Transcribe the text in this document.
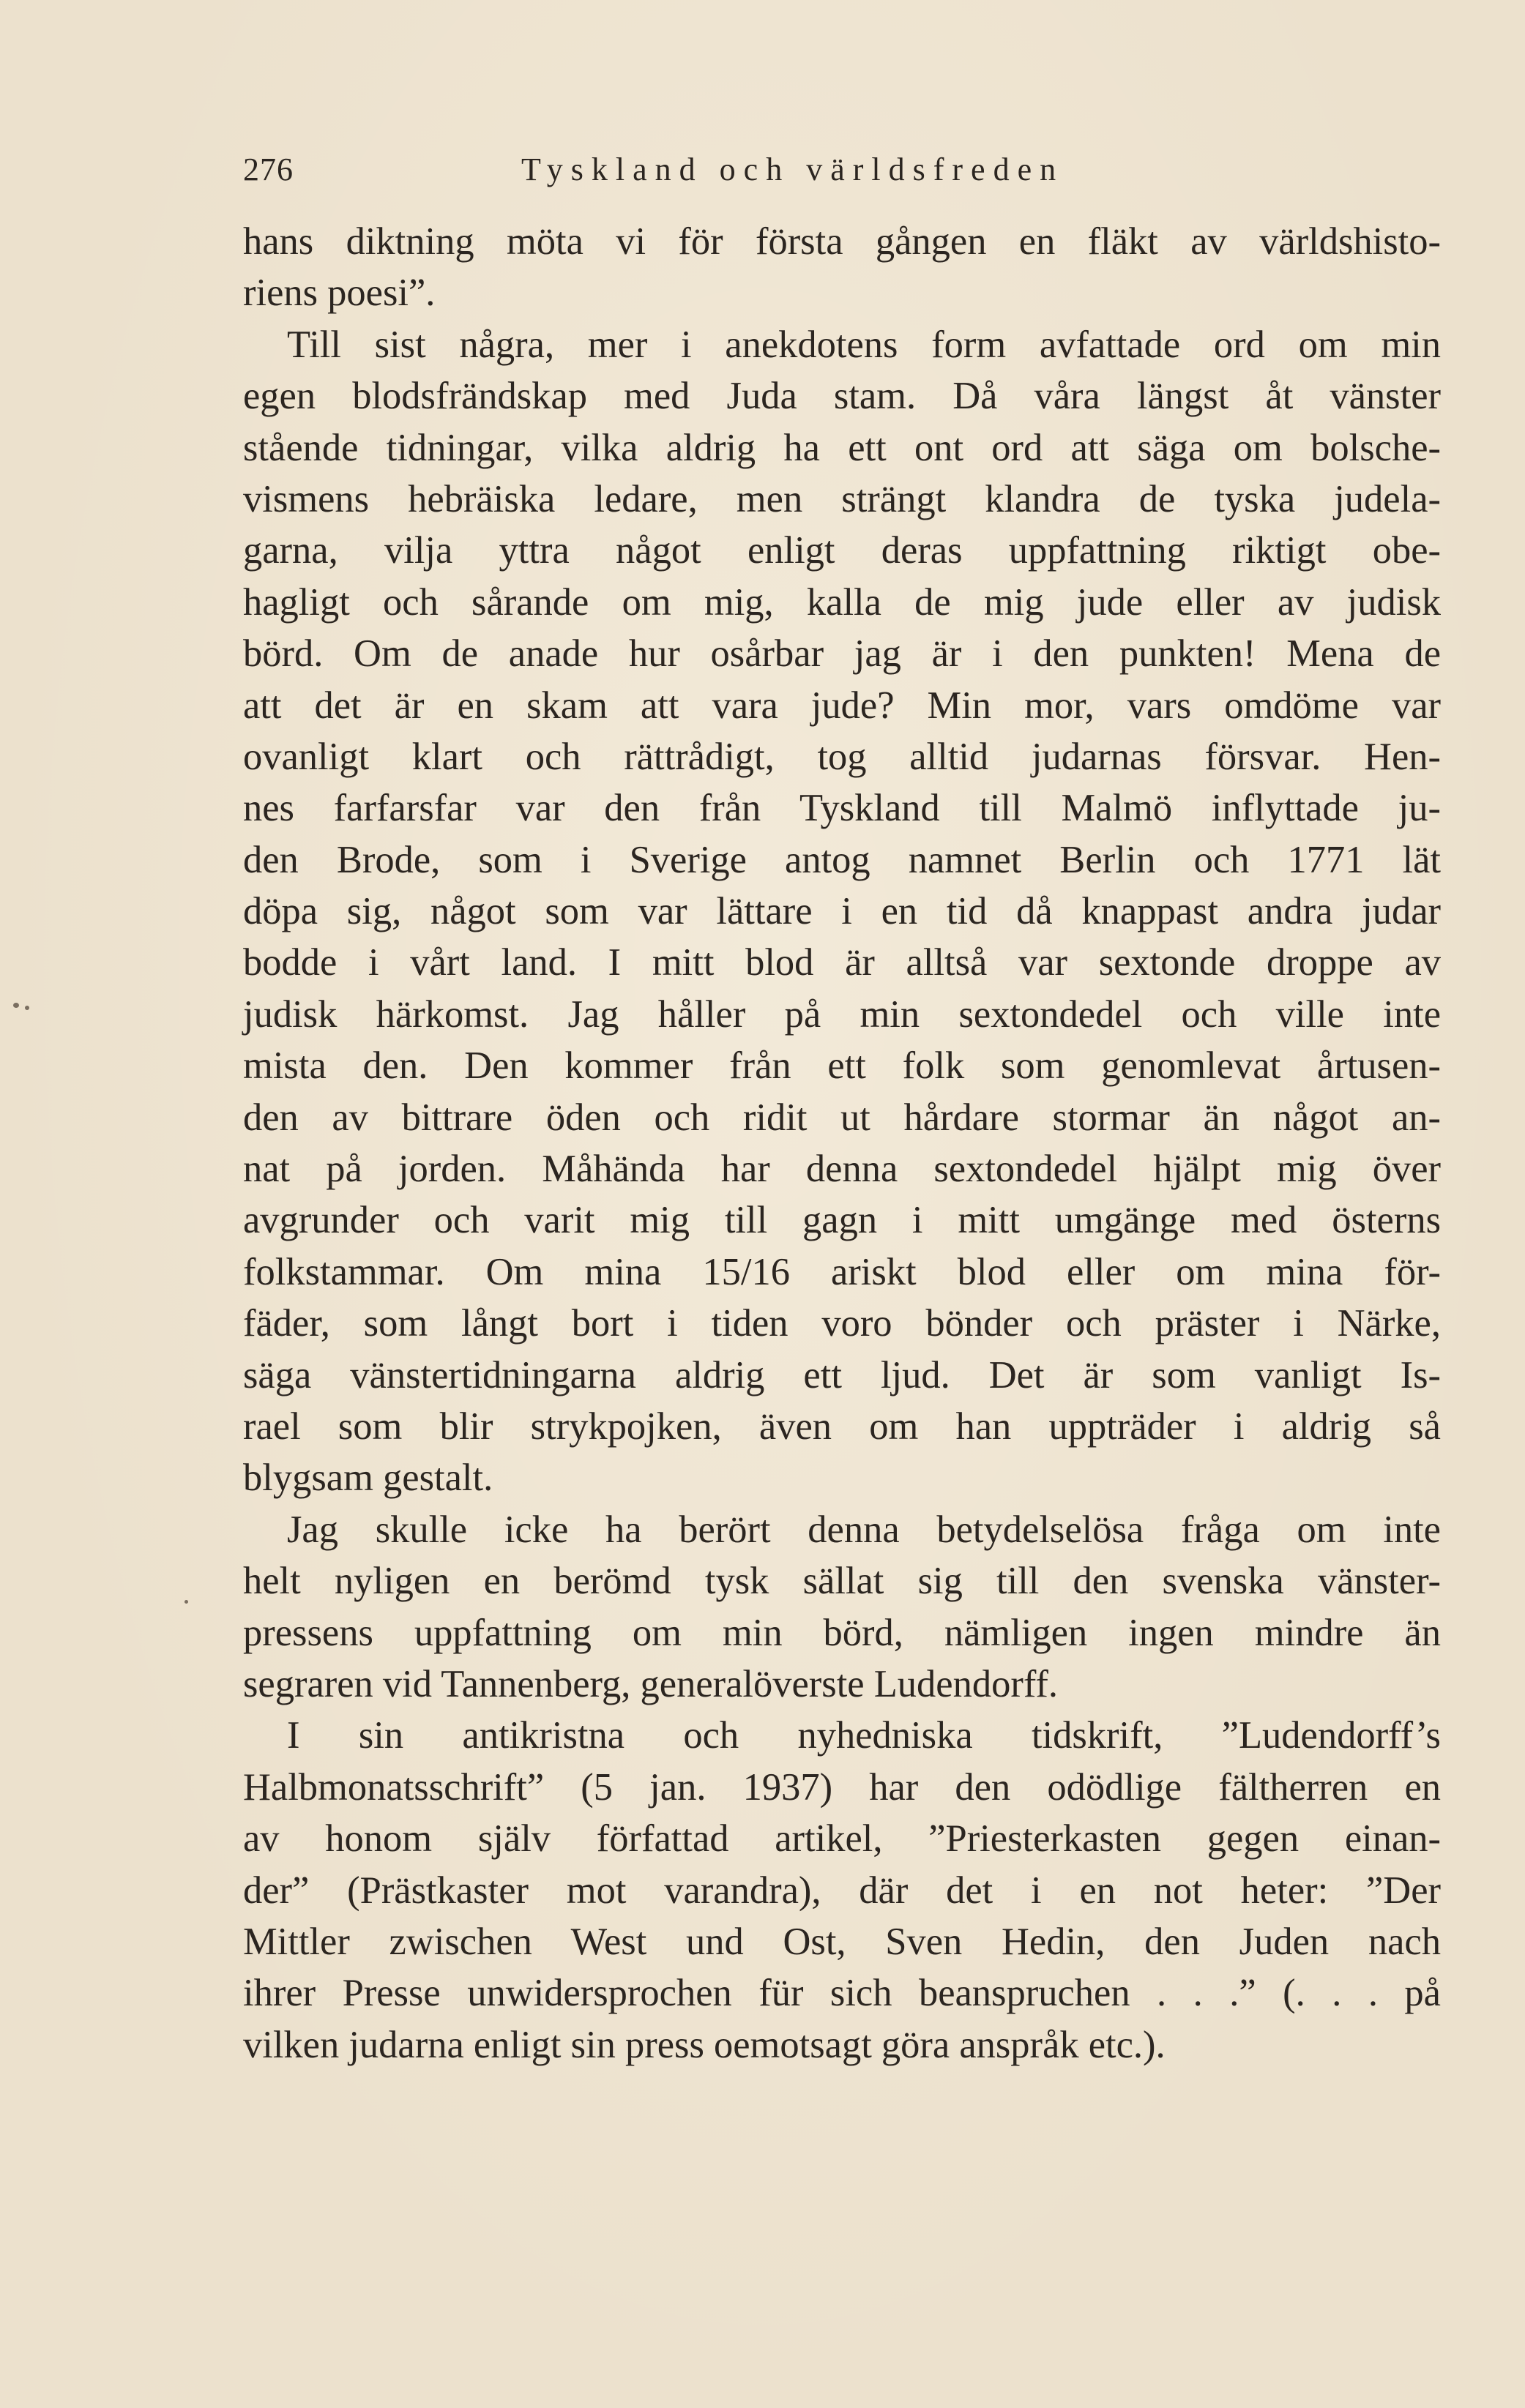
276	Tyskland och världsfreden
hans diktning möta vi för första gången en fläkt av världshisto-
riens poesi”.
Till sist några, mer i anekdotens form avfattade ord om min
egen blodsfrändskap med Juda stam. Då våra längst åt vänster
stående tidningar, vilka aldrig ha ett ont ord att säga om bolsche-
vismens hebräiska ledare, men strängt klandra de tyska judela-
garna, vilja yttra något enligt deras uppfattning riktigt obe-
hagligt och sårande om mig, kalla de mig jude eller av judisk
börd. Om de anade hur osårbar jag är i den punkten! Mena de
att det är en skam att vara jude? Min mor, vars omdöme var
ovanligt klart och rättrådigt, tog alltid judarnas försvar. Hen-
nes farfarsfar var den från Tyskland till Malmö inflyttade ju-
den Brode, som i Sverige antog namnet Berlin och 1771 lät
döpa sig, något som var lättare i en tid då knappast andra judar
bodde i vårt land. I mitt blod är alltså var sextonde droppe av
judisk härkomst. Jag håller på min sextondedel och ville inte
mista den. Den kommer från ett folk som genomlevat årtusen-
den av bittrare öden och ridit ut hårdare stormar än något an-
nat på jorden. Måhända har denna sextondedel hjälpt mig över
avgrunder och varit mig till gagn i mitt umgänge med österns
folkstammar. Om mina 15/16 ariskt blod eller om mina för-
fäder, som långt bort i tiden voro bönder och präster i Närke,
säga vänstertidningarna aldrig ett ljud. Det är som vanligt Is-
rael som blir strykpojken, även om han uppträder i aldrig så
blygsam gestalt.
Jag skulle icke ha berört denna betydelselösa fråga om inte
helt nyligen en berömd tysk sällat sig till den svenska vänster-
pressens uppfattning om min börd, nämligen ingen mindre än
segraren vid Tannenberg, generalöverste Ludendorff.
I sin antikristna och nyhedniska tidskrift, ”Ludendorff’s
Halbmonatsschrift” (5 jan. 1937) har den odödlige fältherren en
av honom själv författad artikel, ”Priesterkasten gegen einan-
der” (Prästkaster mot varandra), där det i en not heter: ”Der
Mittler zwischen West und Ost, Sven Hedin, den Juden nach
ihrer Presse unwidersprochen für sich beanspruchen . . .” (. . . på
vilken judarna enligt sin press oemotsagt göra anspråk etc.).
